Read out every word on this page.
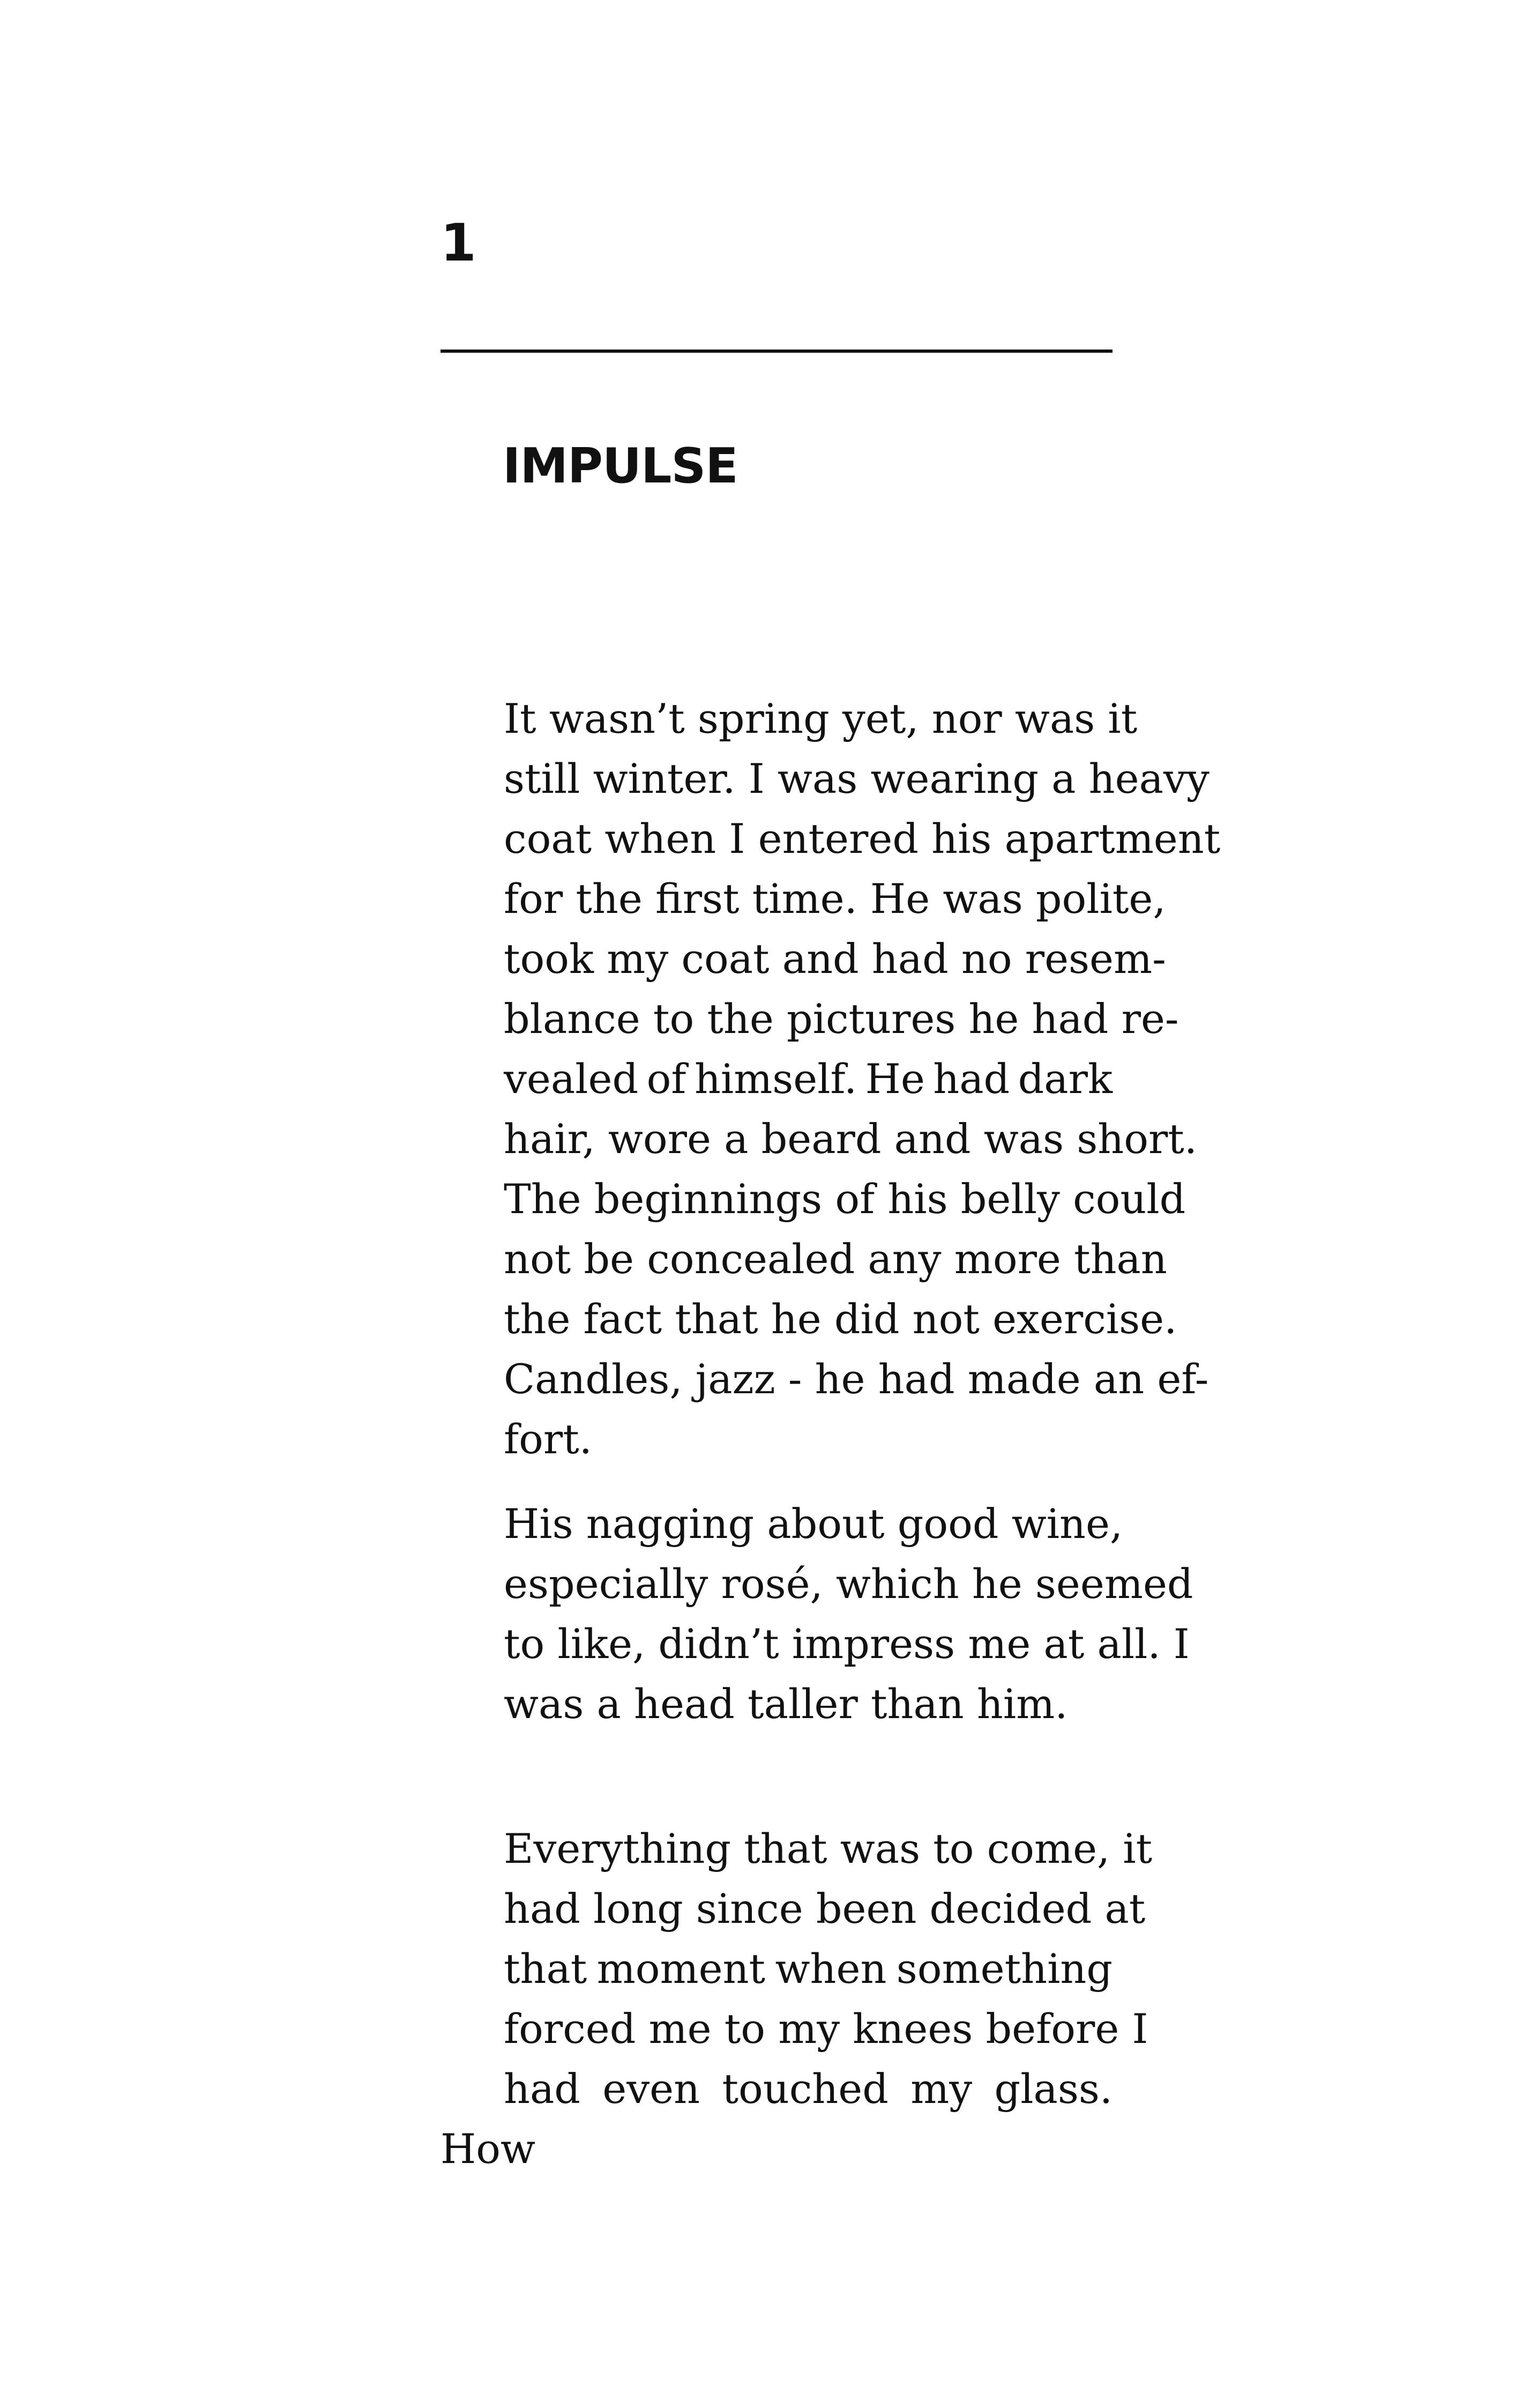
1
IMPULSE

It wasn’t spring yet, nor was it
still winter. I was wearing a heavy
coat when I entered his apartment
for the first time. He was polite,
took my coat and had no resem-
blance to the pictures he had re-
vealed of himself. He had dark
hair, wore a beard and was short.
The beginnings of his belly could
not be concealed any more than
the fact that he did not exercise.
Candles, jazz - he had made an ef-
fort.

His nagging about good wine,
especially rosé, which he seemed
to like, didn’t impress me at all. I
was a head taller than him.

Everything that was to come, it
had long since been decided at
that moment when something
forced me to my knees before I
had even touched my glass. How
